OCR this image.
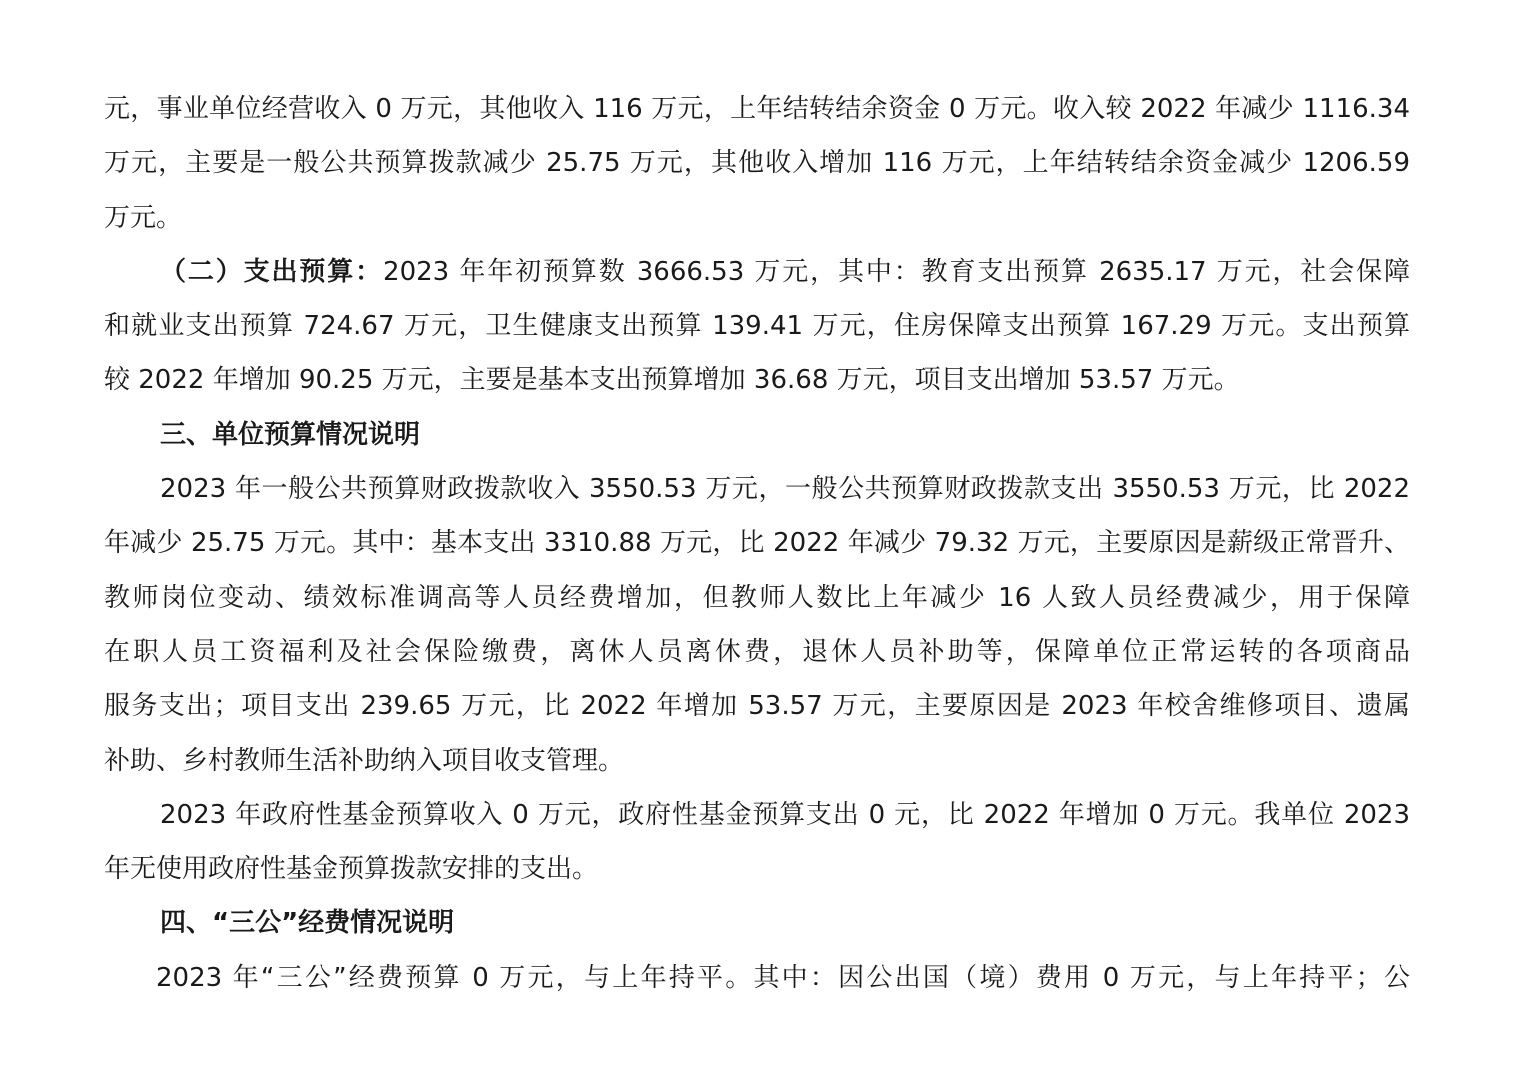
元，事业单位经营收入 0 万元，其他收入 116 万元，上年结转结余资金 0 万元。收入较 2022 年减少 1116.34
万元，主要是一般公共预算拨款减少 25.75 万元，其他收入增加 116 万元，上年结转结余资金减少 1206.59
万元。
（二）支出预算：2023 年年初预算数 3666.53 万元，其中：教育支出预算 2635.17 万元，社会保障
和就业支出预算 724.67 万元，卫生健康支出预算 139.41 万元，住房保障支出预算 167.29 万元。支出预算
较 2022 年增加 90.25 万元，主要是基本支出预算增加 36.68 万元，项目支出增加 53.57 万元。
三、单位预算情况说明
2023 年一般公共预算财政拨款收入 3550.53 万元，一般公共预算财政拨款支出 3550.53 万元，比 2022
年减少 25.75 万元。其中：基本支出 3310.88 万元，比 2022 年减少 79.32 万元，主要原因是薪级正常晋升、
教师岗位变动、绩效标准调高等人员经费增加，但教师人数比上年减少 16 人致人员经费减少，用于保障
在职人员工资福利及社会保险缴费，离休人员离休费，退休人员补助等，保障单位正常运转的各项商品
服务支出；项目支出 239.65 万元，比 2022 年增加 53.57 万元，主要原因是 2023 年校舍维修项目、遗属
补助、乡村教师生活补助纳入项目收支管理。
2023 年政府性基金预算收入 0 万元，政府性基金预算支出 0 元，比 2022 年增加 0 万元。我单位 2023
年无使用政府性基金预算拨款安排的支出。
四、“三公”经费情况说明
2023 年“三公”经费预算 0 万元，与上年持平。其中：因公出国（境）费用 0 万元，与上年持平；公
